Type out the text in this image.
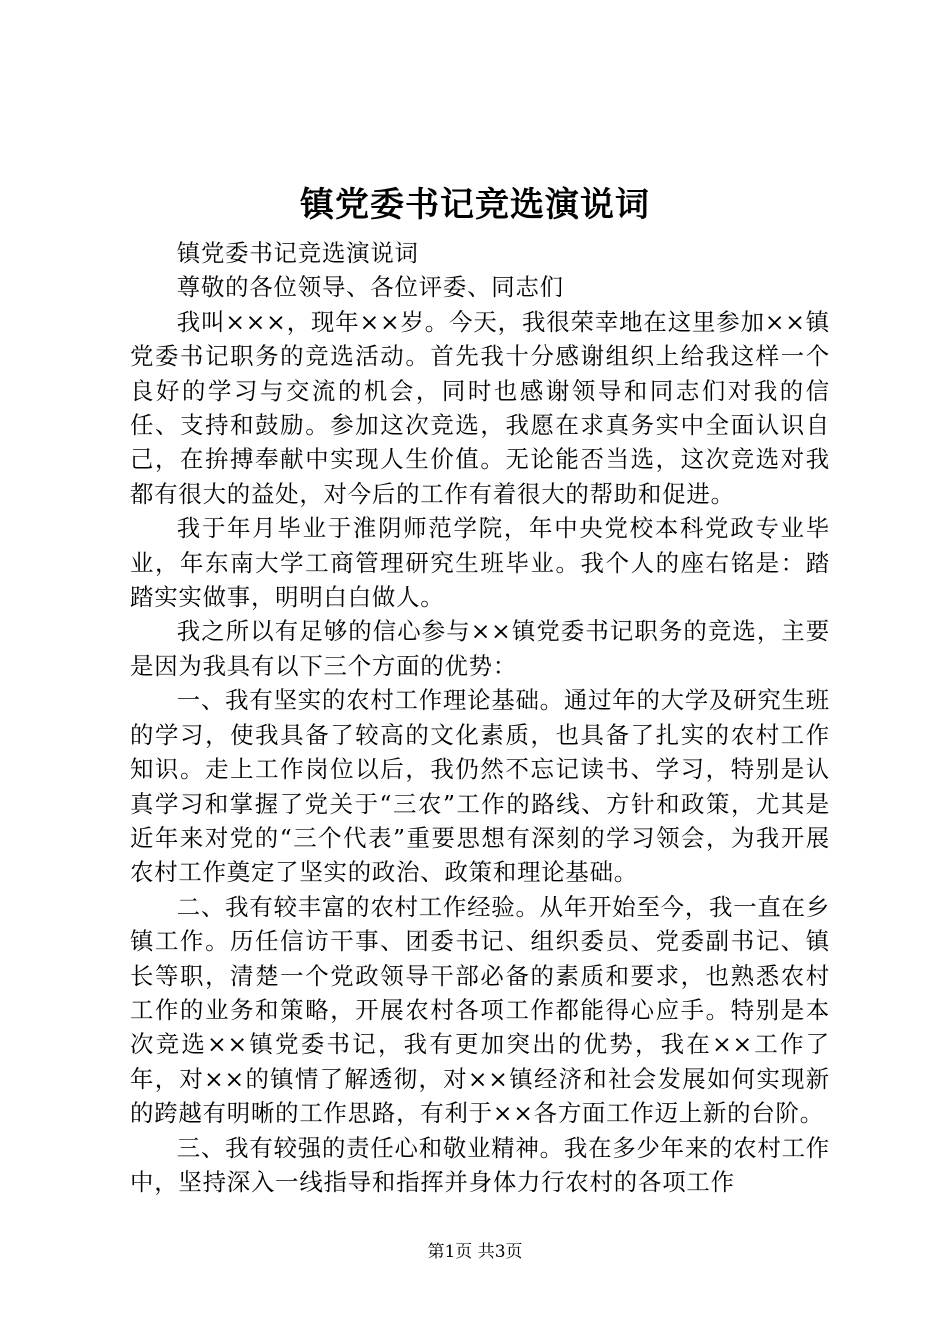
镇党委书记竞选演说词

镇党委书记竞选演说词

尊敬的各位领导、各位评委、同志们

我叫×××，现年××岁。今天，我很荣幸地在这里参加××镇党委书记职务的竞选活动。首先我十分感谢组织上给我这样一个良好的学习与交流的机会，同时也感谢领导和同志们对我的信任、支持和鼓励。参加这次竞选，我愿在求真务实中全面认识自己，在拚搏奉献中实现人生价值。无论能否当选，这次竞选对我都有很大的益处，对今后的工作有着很大的帮助和促进。

我于年月毕业于淮阴师范学院，年中央党校本科党政专业毕业，年东南大学工商管理研究生班毕业。我个人的座右铭是：踏踏实实做事，明明白白做人。

我之所以有足够的信心参与××镇党委书记职务的竞选，主要是因为我具有以下三个方面的优势：

一、我有坚实的农村工作理论基础。通过年的大学及研究生班的学习，使我具备了较高的文化素质，也具备了扎实的农村工作知识。走上工作岗位以后，我仍然不忘记读书、学习，特别是认真学习和掌握了党关于“三农”工作的路线、方针和政策，尤其是近年来对党的“三个代表”重要思想有深刻的学习领会，为我开展农村工作奠定了坚实的政治、政策和理论基础。

二、我有较丰富的农村工作经验。从年开始至今，我一直在乡镇工作。历任信访干事、团委书记、组织委员、党委副书记、镇长等职，清楚一个党政领导干部必备的素质和要求，也熟悉农村工作的业务和策略，开展农村各项工作都能得心应手。特别是本次竞选××镇党委书记，我有更加突出的优势，我在××工作了年，对××的镇情了解透彻，对××镇经济和社会发展如何实现新的跨越有明晰的工作思路，有利于××各方面工作迈上新的台阶。

三、我有较强的责任心和敬业精神。我在多少年来的农村工作中，坚持深入一线指导和指挥并身体力行农村的各项工作

第1页 共3页
